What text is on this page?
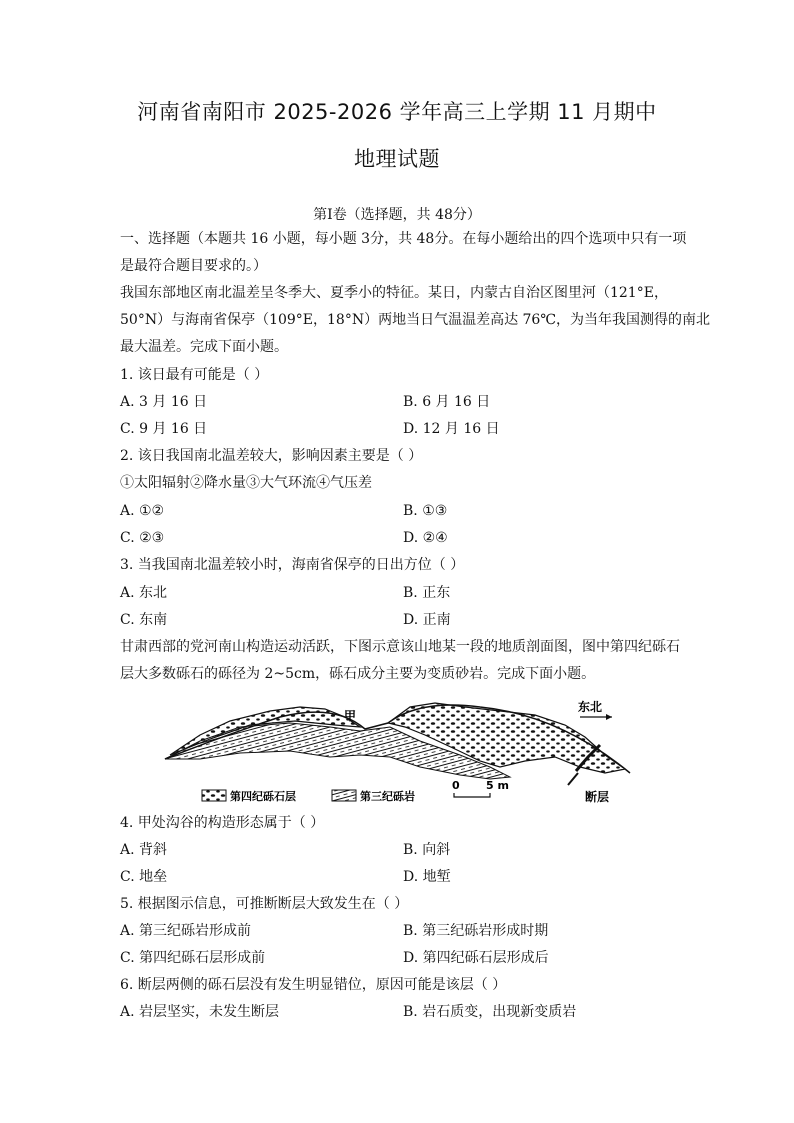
河南省南阳市 2025-2026 学年高三上学期 11 月期中
地理试题
第Ⅰ卷（选择题，共 48分）
一、选择题（本题共 16 小题，每小题 3分，共 48分。在每小题给出的四个选项中只有一项
是最符合题目要求的。）
我国东部地区南北温差呈冬季大、夏季小的特征。某日，内蒙古自治区图里河（121°E，
50°N）与海南省保亭（109°E，18°N）两地当日气温温差高达 76℃，为当年我国测得的南北
最大温差。完成下面小题。
1. 该日最有可能是（ ）
A. 3 月 16 日	B. 6 月 16 日
C. 9 月 16 日	D. 12 月 16 日
2. 该日我国南北温差较大，影响因素主要是（ ）
①太阳辐射②降水量③大气环流④气压差
A. ①②	B. ①③
C. ②③	D. ②④
3. 当我国南北温差较小时，海南省保亭的日出方位（ ）
A. 东北	B. 正东
C. 东南	D. 正南
甘肃西部的党河南山构造运动活跃，下图示意该山地某一段的地质剖面图，图中第四纪砾石
层大多数砾石的砾径为 2~5cm，砾石成分主要为变质砂岩。完成下面小题。
甲
东北
第四纪砾石层	第三纪砾岩
0 5 m
断层
4. 甲处沟谷的构造形态属于（ ）
A. 背斜	B. 向斜
C. 地垒	D. 地堑
5. 根据图示信息，可推断断层大致发生在（ ）
A. 第三纪砾岩形成前	B. 第三纪砾岩形成时期
C. 第四纪砾石层形成前	D. 第四纪砾石层形成后
6. 断层两侧的砾石层没有发生明显错位，原因可能是该层（ ）
A. 岩层坚实，未发生断层	B. 岩石质变，出现新变质岩
